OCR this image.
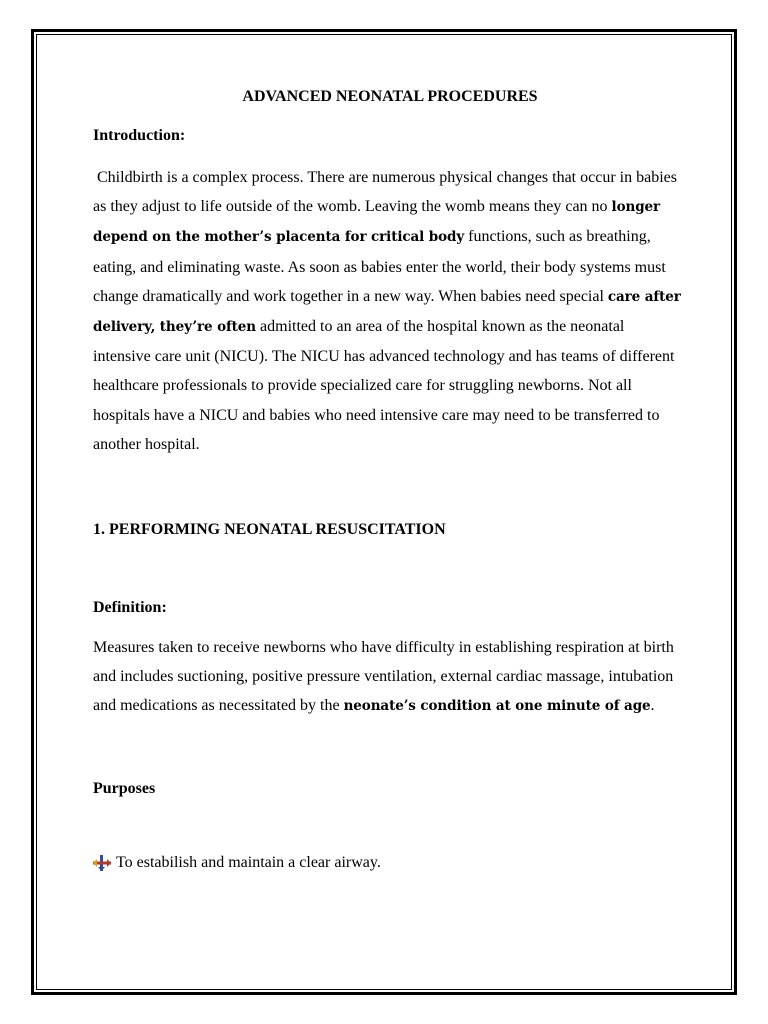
ADVANCED NEONATAL PROCEDURES
Introduction:

Childbirth is a complex process. There are numerous physical changes that occur in babies as they adjust to life outside of the womb. Leaving the womb means they can no longer depend on the mother’s placenta for critical body functions, such as breathing, eating, and eliminating waste. As soon as babies enter the world, their body systems must change dramatically and work together in a new way. When babies need special care after delivery, they’re often admitted to an area of the hospital known as the neonatal intensive care unit (NICU). The NICU has advanced technology and has teams of different healthcare professionals to provide specialized care for struggling newborns. Not all hospitals have a NICU and babies who need intensive care may need to be transferred to another hospital.

1. PERFORMING NEONATAL RESUSCITATION
Definition:

Measures taken to receive newborns who have difficulty in establishing respiration at birth and includes suctioning, positive pressure ventilation, external cardiac massage, intubation and medications as necessitated by the neonate’s condition at one minute of age.

Purposes
To estabilish and maintain a clear airway.
